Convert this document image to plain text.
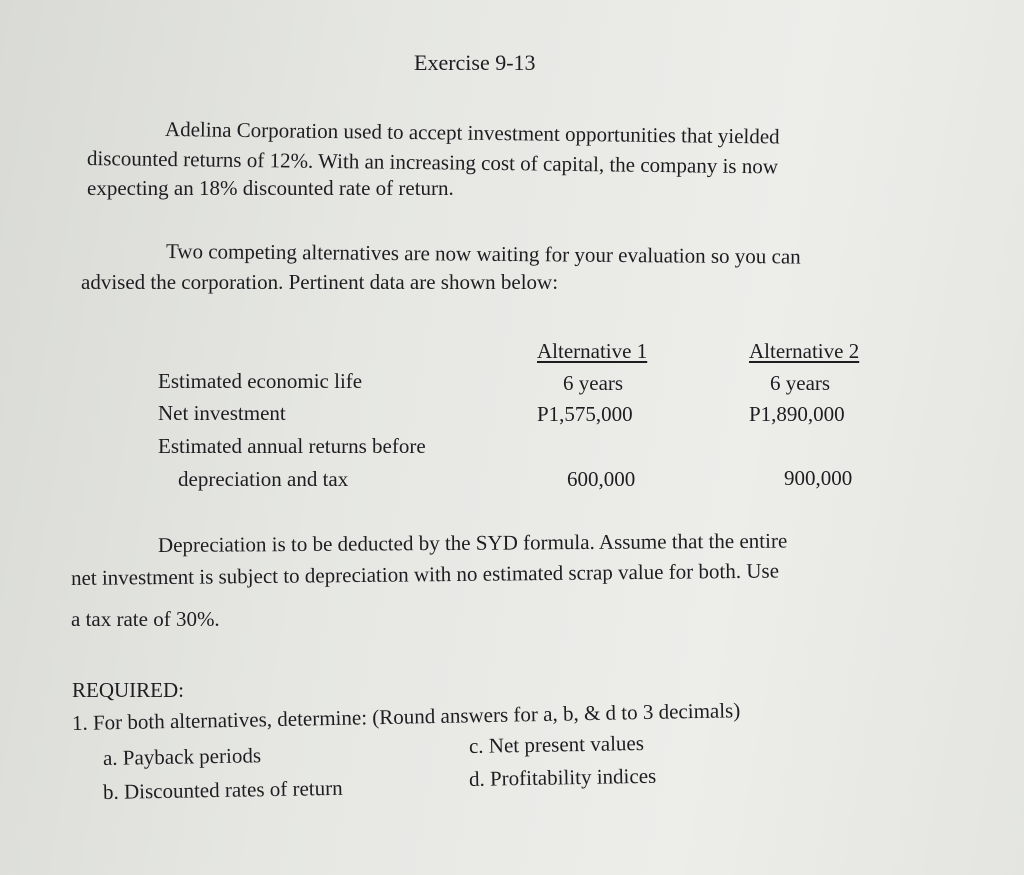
Exercise 9-13
Adelina Corporation used to accept investment opportunities that yielded
discounted returns of 12%. With an increasing cost of capital, the company is now
expecting an 18% discounted rate of return.
Two competing alternatives are now waiting for your evaluation so you can
advised the corporation. Pertinent data are shown below:
Alternative 1	Alternative 2
Estimated economic life	6 years	6 years
Net investment	P1,575,000	P1,890,000
Estimated annual returns before
depreciation and tax	600,000	900,000
Depreciation is to be deducted by the SYD formula. Assume that the entire
net investment is subject to depreciation with no estimated scrap value for both. Use
a tax rate of 30%.
REQUIRED:
1. For both alternatives, determine: (Round answers for a, b, & d to 3 decimals)
a. Payback periods
b. Discounted rates of return
c. Net present values
d. Profitability indices
